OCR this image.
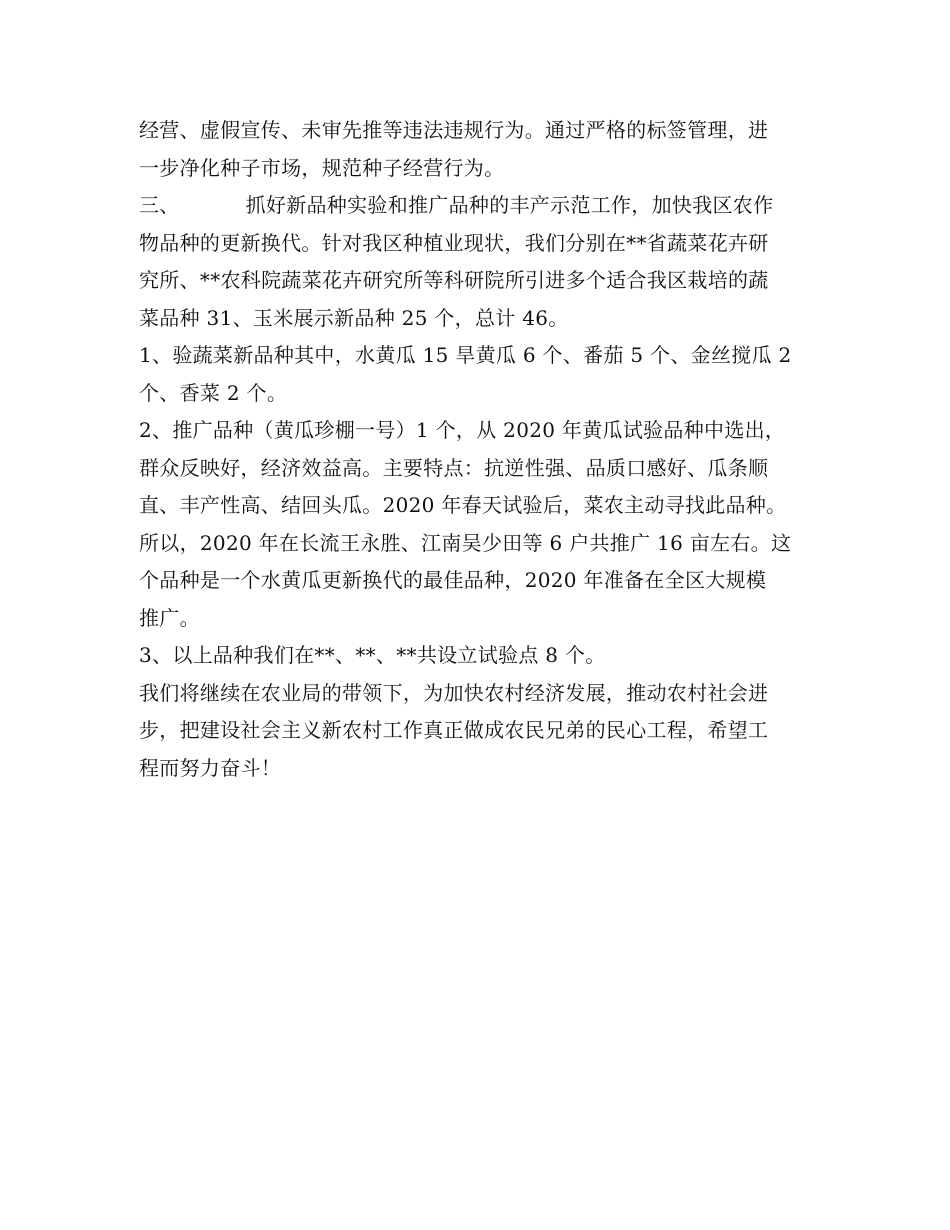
经营、虚假宣传、未审先推等违法违规行为。通过严格的标签管理，进
一步净化种子市场，规范种子经营行为。
三、	抓好新品种实验和推广品种的丰产示范工作，加快我区农作
物品种的更新换代。针对我区种植业现状，我们分别在**省蔬菜花卉研
究所、**农科院蔬菜花卉研究所等科研院所引进多个适合我区栽培的蔬
菜品种 31、玉米展示新品种 25 个，总计 46。
1、验蔬菜新品种其中，水黄瓜 15 旱黄瓜 6 个、番茄 5 个、金丝搅瓜 2
个、香菜 2 个。
2、推广品种（黄瓜珍棚一号）1 个，从 2020 年黄瓜试验品种中选出，
群众反映好，经济效益高。主要特点：抗逆性强、品质口感好、瓜条顺
直、丰产性高、结回头瓜。2020 年春天试验后，菜农主动寻找此品种。
所以，2020 年在长流王永胜、江南吴少田等 6 户共推广 16 亩左右。这
个品种是一个水黄瓜更新换代的最佳品种，2020 年准备在全区大规模
推广。
3、以上品种我们在**、**、**共设立试验点 8 个。
我们将继续在农业局的带领下，为加快农村经济发展，推动农村社会进
步，把建设社会主义新农村工作真正做成农民兄弟的民心工程，希望工
程而努力奋斗！
